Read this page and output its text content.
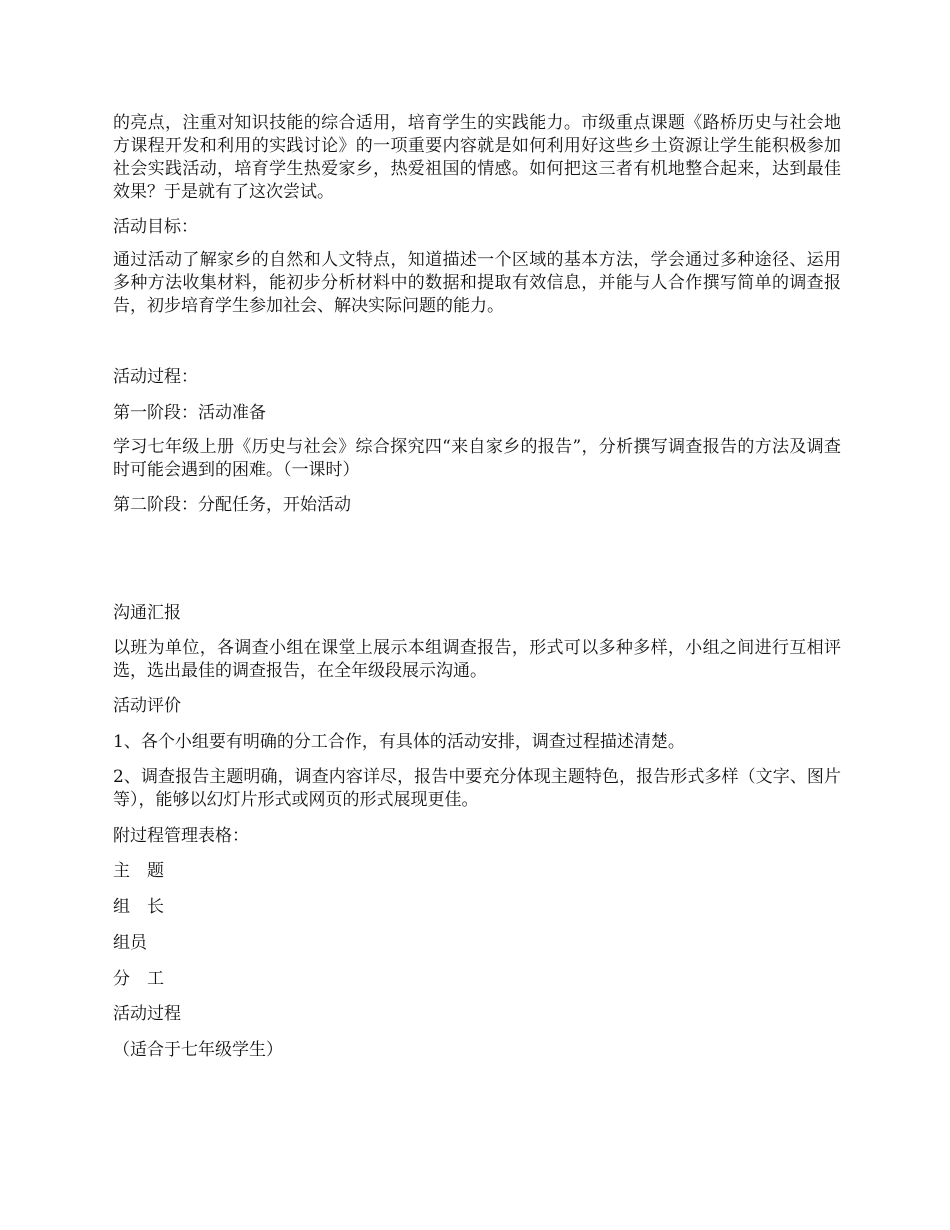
的亮点，注重对知识技能的综合适用，培育学生的实践能力。市级重点课题《路桥历史与社会地方课程开发和利用的实践讨论》的一项重要内容就是如何利用好这些乡土资源让学生能积极参加社会实践活动，培育学生热爱家乡，热爱祖国的情感。如何把这三者有机地整合起来，达到最佳效果？于是就有了这次尝试。

活动目标：

通过活动了解家乡的自然和人文特点，知道描述一个区域的基本方法，学会通过多种途径、运用多种方法收集材料，能初步分析材料中的数据和提取有效信息，并能与人合作撰写简单的调查报告，初步培育学生参加社会、解决实际问题的能力。

活动过程：

第一阶段：活动准备

学习七年级上册《历史与社会》综合探究四“来自家乡的报告”，分析撰写调查报告的方法及调查时可能会遇到的困难。（一课时）

第二阶段：分配任务，开始活动

沟通汇报

以班为单位，各调查小组在课堂上展示本组调查报告，形式可以多种多样，小组之间进行互相评选，选出最佳的调查报告，在全年级段展示沟通。

活动评价

1、各个小组要有明确的分工合作，有具体的活动安排，调查过程描述清楚。

2、调查报告主题明确，调查内容详尽，报告中要充分体现主题特色，报告形式多样（文字、图片等），能够以幻灯片形式或网页的形式展现更佳。

附过程管理表格：

主　题

组　长

组员

分　工

活动过程

（适合于七年级学生）
